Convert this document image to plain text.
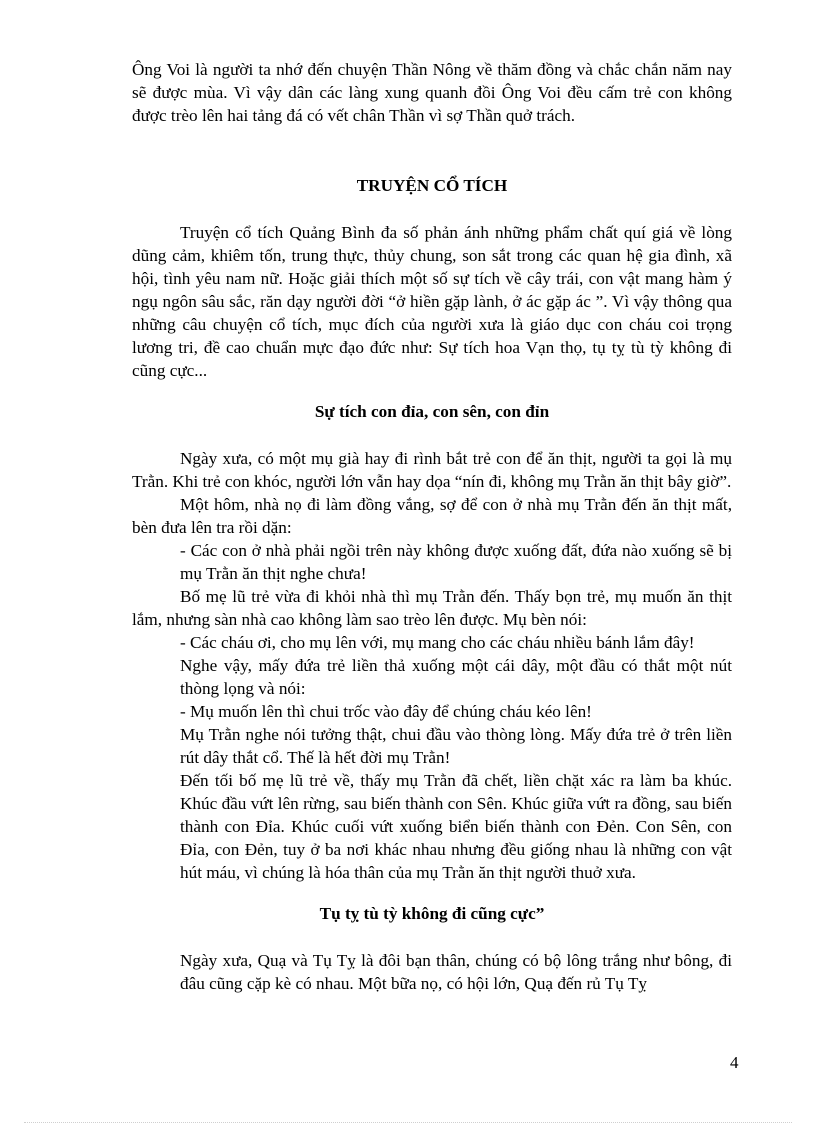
Ông Voi là người ta nhớ đến chuyện Thần Nông về thăm đồng và chắc chắn năm nay sẽ được mùa. Vì vậy dân các làng xung quanh đồi Ông Voi đều cấm trẻ con không được trèo lên hai tảng đá có vết chân Thần vì sợ Thần quở trách.

TRUYỆN CỔ TÍCH

Truyện cổ tích Quảng Bình đa số phản ánh những phẩm chất quí giá về lòng dũng cảm, khiêm tốn, trung thực, thủy chung, son sắt trong các quan hệ gia đình, xã hội, tình yêu nam nữ. Hoặc giải thích một số sự tích về cây trái, con vật mang hàm ý ngụ ngôn sâu sắc, răn dạy người đời “ở hiền gặp lành, ở ác gặp ác ”. Vì vậy thông qua những câu chuyện cổ tích, mục đích của người xưa là giáo dục con cháu coi trọng lương tri, đề cao chuẩn mực đạo đức như: Sự tích hoa Vạn thọ, tụ tỵ tù tỳ không đi cũng cực...

Sự tích con đỉa, con sên, con đỉn

Ngày xưa, có một mụ già hay đi rình bắt trẻ con để ăn thịt, người ta gọi là mụ Trằn. Khi trẻ con khóc, người lớn vẫn hay dọa “nín đi, không mụ Trằn ăn thịt bây giờ”.

Một hôm, nhà nọ đi làm đồng vắng, sợ để con ở nhà mụ Trằn đến ăn thịt mất, bèn đưa lên tra rồi dặn:

- Các con ở nhà phải ngồi trên này không được xuống đất, đứa nào xuống sẽ bị mụ Trằn ăn thịt nghe chưa!

Bố mẹ lũ trẻ vừa đi khỏi nhà thì mụ Trằn đến. Thấy bọn trẻ, mụ muốn ăn thịt lắm, nhưng sàn nhà cao không làm sao trèo lên được. Mụ bèn nói:

- Các cháu ơi, cho mụ lên với, mụ mang cho các cháu nhiều bánh lắm đây!

Nghe vậy, mấy đứa trẻ liền thả xuống một cái dây, một đầu có thắt một nút thòng lọng và nói:

- Mụ muốn lên thì chui trốc vào đây để chúng cháu kéo lên!

Mụ Trằn nghe nói tưởng thật, chui đầu vào thòng lòng. Mấy đứa trẻ ở trên liền rút dây thắt cổ. Thế là hết đời mụ Trằn!

Đến tối bố mẹ lũ trẻ về, thấy mụ Trằn đã chết, liền chặt xác ra làm ba khúc. Khúc đầu vứt lên rừng, sau biến thành con Sên. Khúc giữa vứt ra đồng, sau biến thành con Đỉa. Khúc cuối vứt xuống biển biến thành con Đẻn. Con Sên, con Đỉa, con Đẻn, tuy ở ba nơi khác nhau nhưng đều giống nhau là những con vật hút máu, vì chúng là hóa thân của mụ Trằn ăn thịt người thuở xưa.

Tụ tỵ tù tỳ không đi cũng cực”

Ngày xưa, Quạ và Tụ Tỵ là đôi bạn thân, chúng có bộ lông trắng như bông, đi đâu cũng cặp kè có nhau. Một bữa nọ, có hội lớn, Quạ đến rủ Tụ Tỵ

4
